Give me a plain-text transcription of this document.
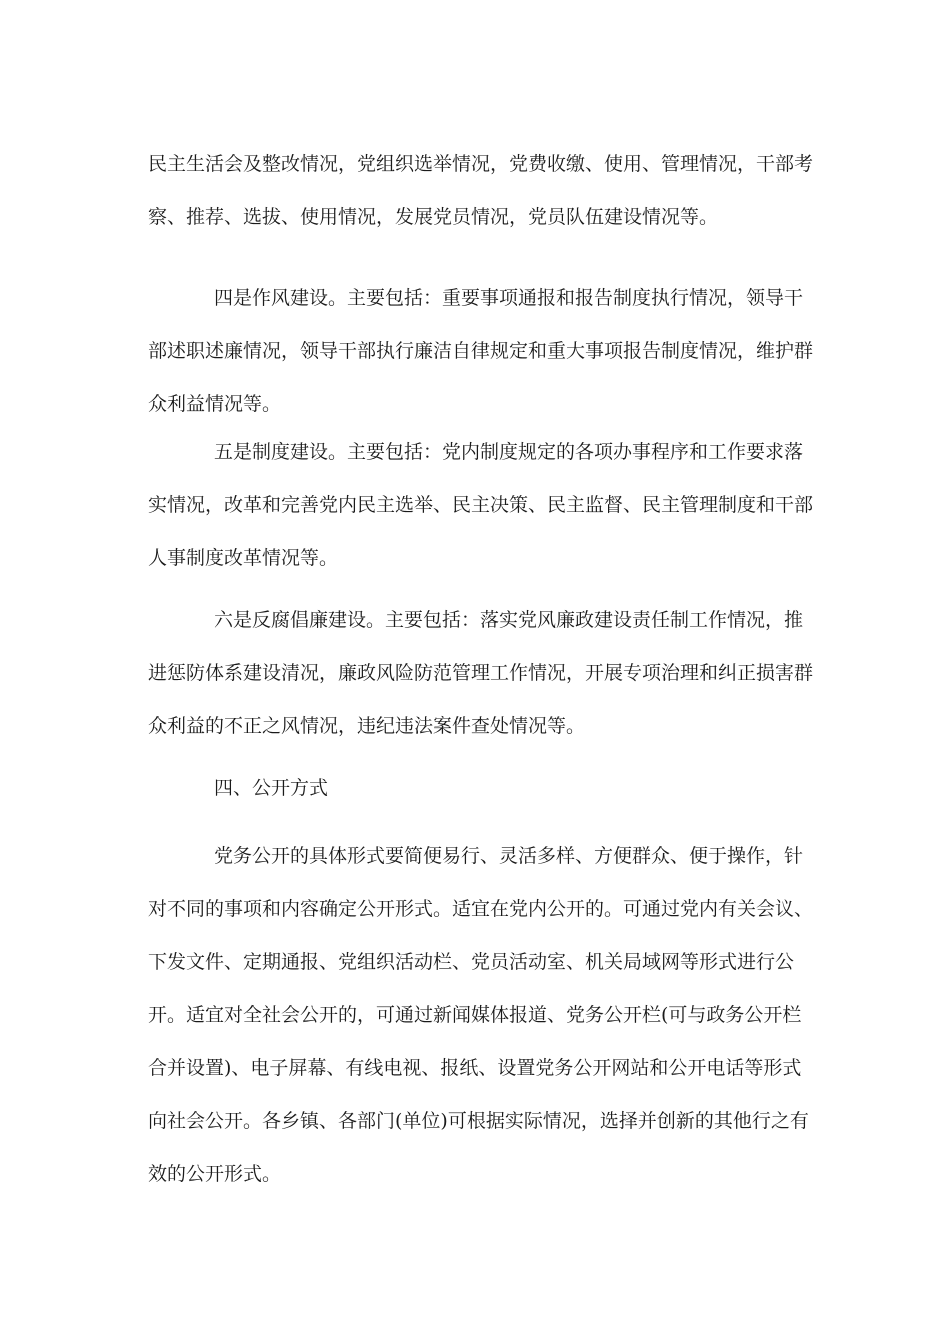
民主生活会及整改情况，党组织选举情况，党费收缴、使用、管理情况，干部考
察、推荐、选拔、使用情况，发展党员情况，党员队伍建设情况等。
四是作风建设。主要包括：重要事项通报和报告制度执行情况，领导干
部述职述廉情况，领导干部执行廉洁自律规定和重大事项报告制度情况，维护群
众利益情况等。
五是制度建设。主要包括：党内制度规定的各项办事程序和工作要求落
实情况，改革和完善党内民主选举、民主决策、民主监督、民主管理制度和干部
人事制度改革情况等。
六是反腐倡廉建设。主要包括：落实党风廉政建设责任制工作情况，推
进惩防体系建设清况，廉政风险防范管理工作情况，开展专项治理和纠正损害群
众利益的不正之风情况，违纪违法案件查处情况等。
四、公开方式
党务公开的具体形式要简便易行、灵活多样、方便群众、便于操作，针
对不同的事项和内容确定公开形式。适宜在党内公开的。可通过党内有关会议、
下发文件、定期通报、党组织活动栏、党员活动室、机关局域网等形式进行公
开。适宜对全社会公开的，可通过新闻媒体报道、党务公开栏(可与政务公开栏
合并设置)、电子屏幕、有线电视、报纸、设置党务公开网站和公开电话等形式
向社会公开。各乡镇、各部门(单位)可根据实际情况，选择并创新的其他行之有
效的公开形式。
